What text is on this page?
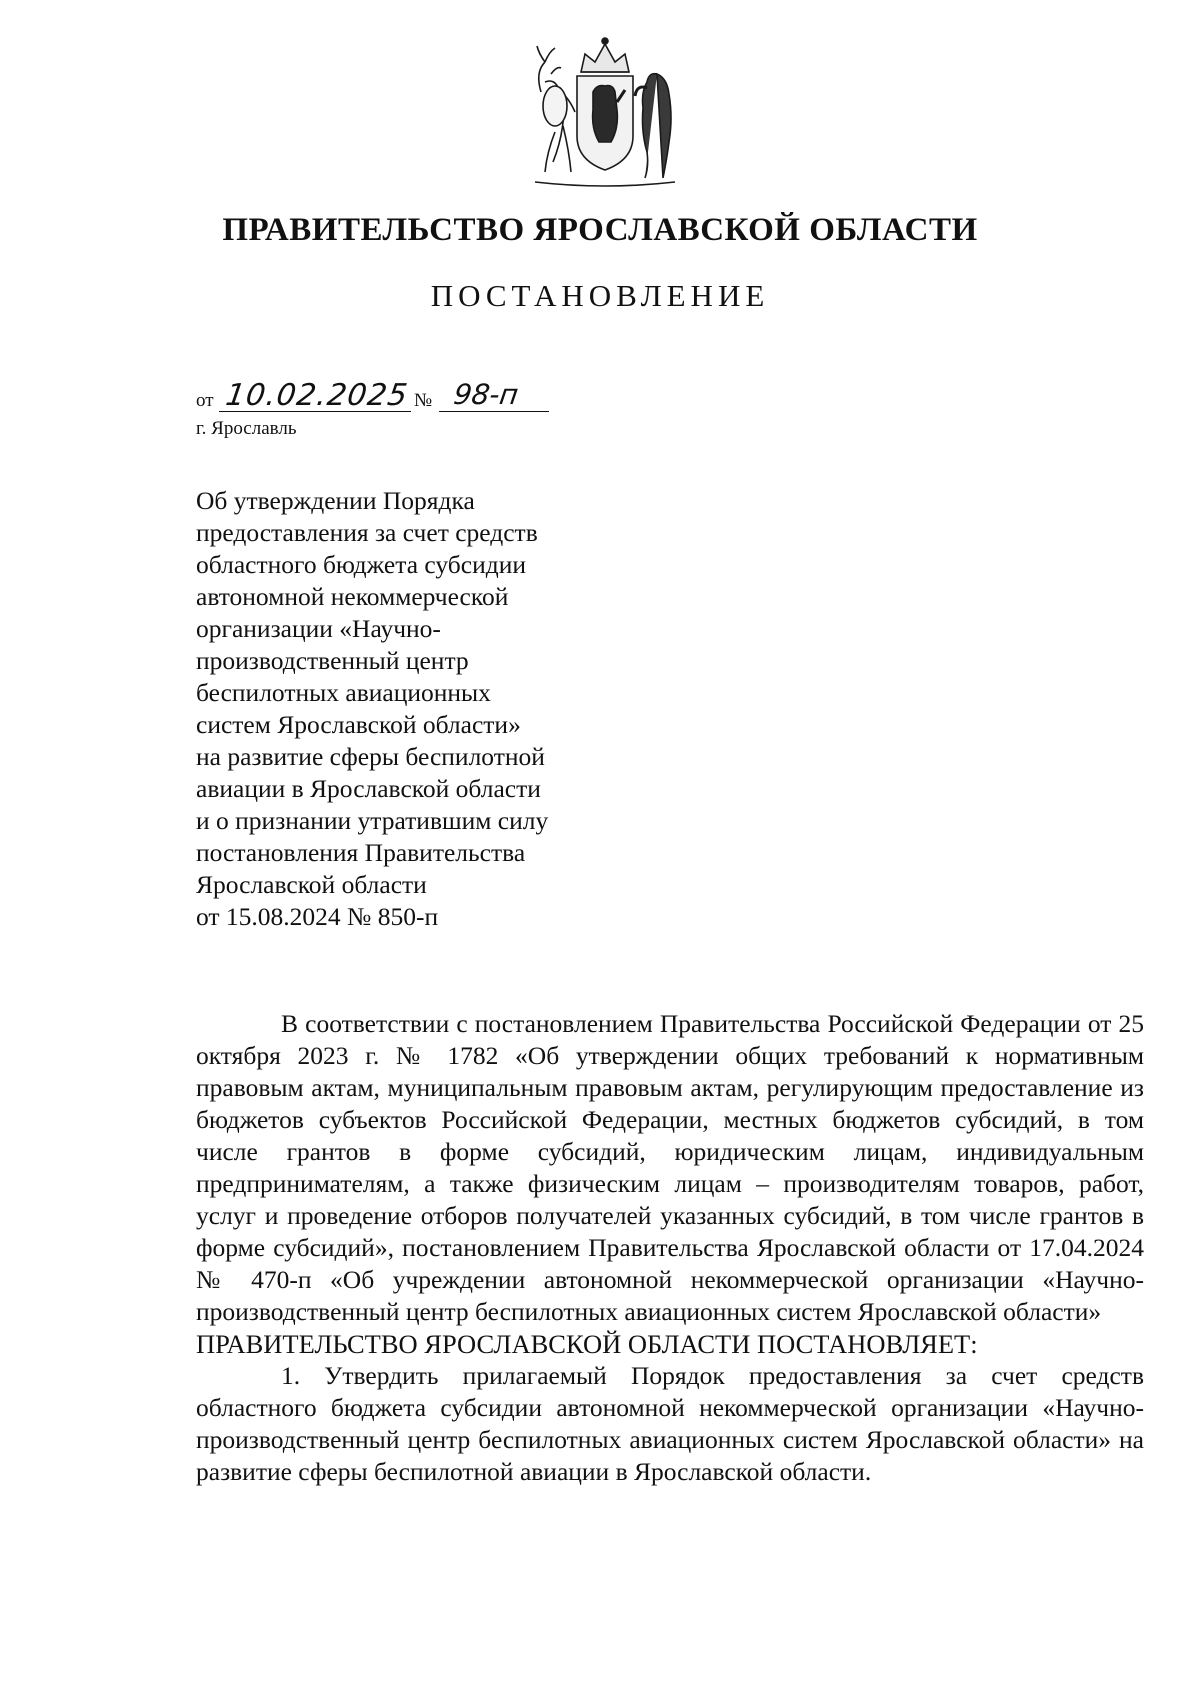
ПРАВИТЕЛЬСТВО ЯРОСЛАВСКОЙ ОБЛАСТИ
ПОСТАНОВЛЕНИЕ
от 10.02.2025 № 98-п
г. Ярославль
Об утверждении Порядка
предоставления за счет средств
областного бюджета субсидии
автономной некоммерческой
организации «Научно-
производственный центр
беспилотных авиационных
систем Ярославской области»
на развитие сферы беспилотной
авиации в Ярославской области
и о признании утратившим силу
постановления Правительства
Ярославской области
от 15.08.2024 № 850-п

В соответствии с постановлением Правительства Российской Федерации от 25 октября 2023 г. № 1782 «Об утверждении общих требований к нормативным правовым актам, муниципальным правовым актам, регулирующим предоставление из бюджетов субъектов Российской Федерации, местных бюджетов субсидий, в том числе грантов в форме субсидий, юридическим лицам, индивидуальным предпринимателям, а также физическим лицам – производителям товаров, работ, услуг и проведение отборов получателей указанных субсидий, в том числе грантов в форме субсидий», постановлением Правительства Ярославской области от 17.04.2024 № 470-п «Об учреждении автономной некоммерческой организации «Научно-производственный центр беспилотных авиационных систем Ярославской области»

ПРАВИТЕЛЬСТВО ЯРОСЛАВСКОЙ ОБЛАСТИ ПОСТАНОВЛЯЕТ:

1. Утвердить прилагаемый Порядок предоставления за счет средств областного бюджета субсидии автономной некоммерческой организации «Научно-производственный центр беспилотных авиационных систем Ярославской области» на развитие сферы беспилотной авиации в Ярославской области.
